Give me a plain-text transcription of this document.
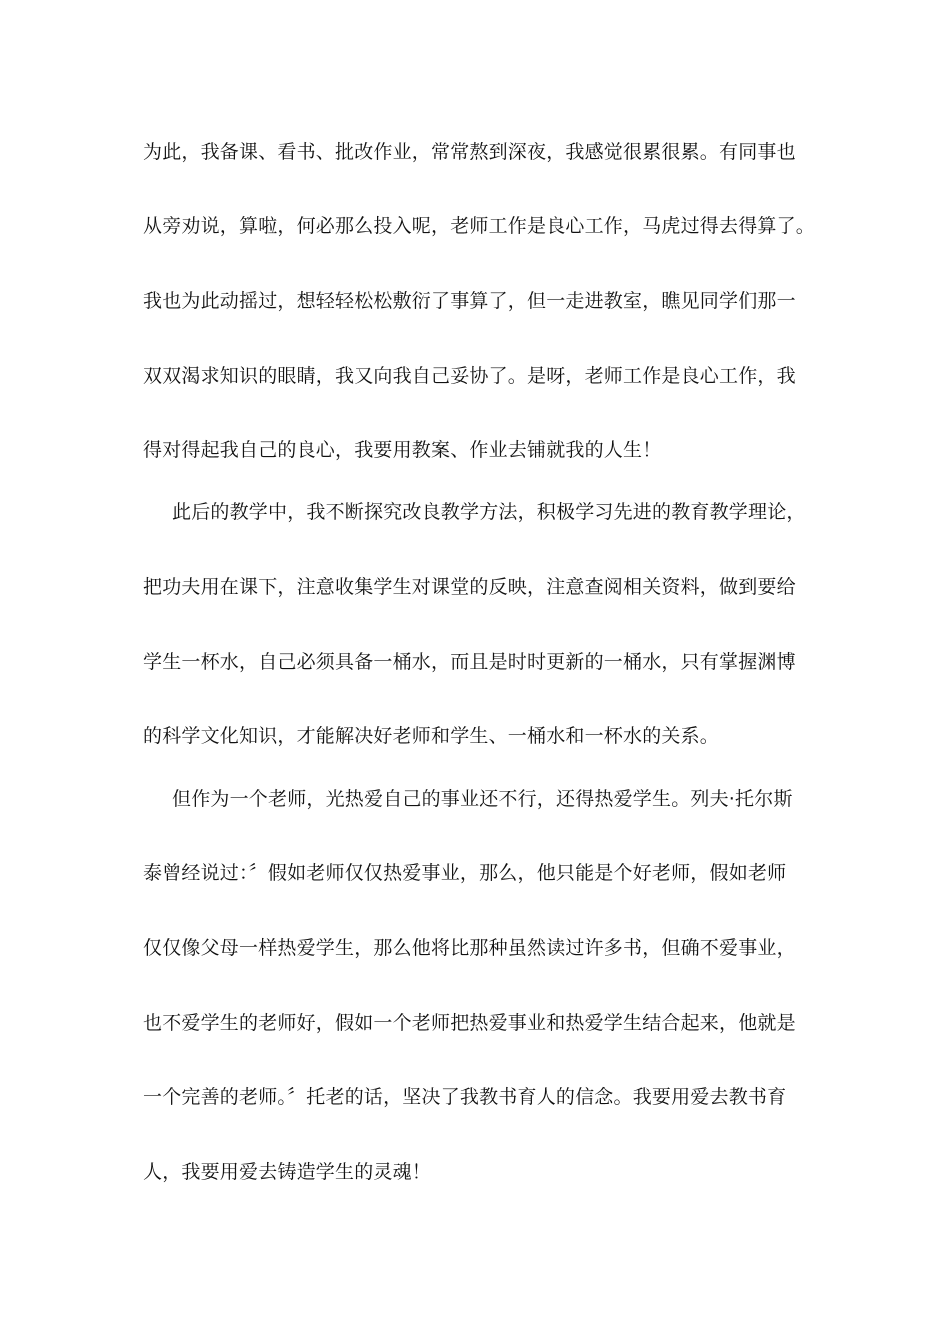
为此，我备课、看书、批改作业，常常熬到深夜，我感觉很累很累。有同事也
从旁劝说，算啦，何必那么投入呢，老师工作是良心工作，马虎过得去得算了。
我也为此动摇过，想轻轻松松敷衍了事算了，但一走进教室，瞧见同学们那一
双双渴求知识的眼睛，我又向我自己妥协了。是呀，老师工作是良心工作，我
得对得起我自己的良心，我要用教案、作业去铺就我的人生！
此后的教学中，我不断探究改良教学方法，积极学习先进的教育教学理论，
把功夫用在课下，注意收集学生对课堂的反映，注意查阅相关资料，做到要给
学生一杯水，自己必须具备一桶水，而且是时时更新的一桶水，只有掌握渊博
的科学文化知识，才能解决好老师和学生、一桶水和一杯水的关系。
但作为一个老师，光热爱自己的事业还不行，还得热爱学生。列夫·托尔斯
泰曾经说过：〞假如老师仅仅热爱事业，那么，他只能是个好老师，假如老师
仅仅像父母一样热爱学生，那么他将比那种虽然读过许多书，但确不爱事业，
也不爱学生的老师好，假如一个老师把热爱事业和热爱学生结合起来，他就是
一个完善的老师。〞托老的话，坚决了我教书育人的信念。我要用爱去教书育
人，我要用爱去铸造学生的灵魂！
